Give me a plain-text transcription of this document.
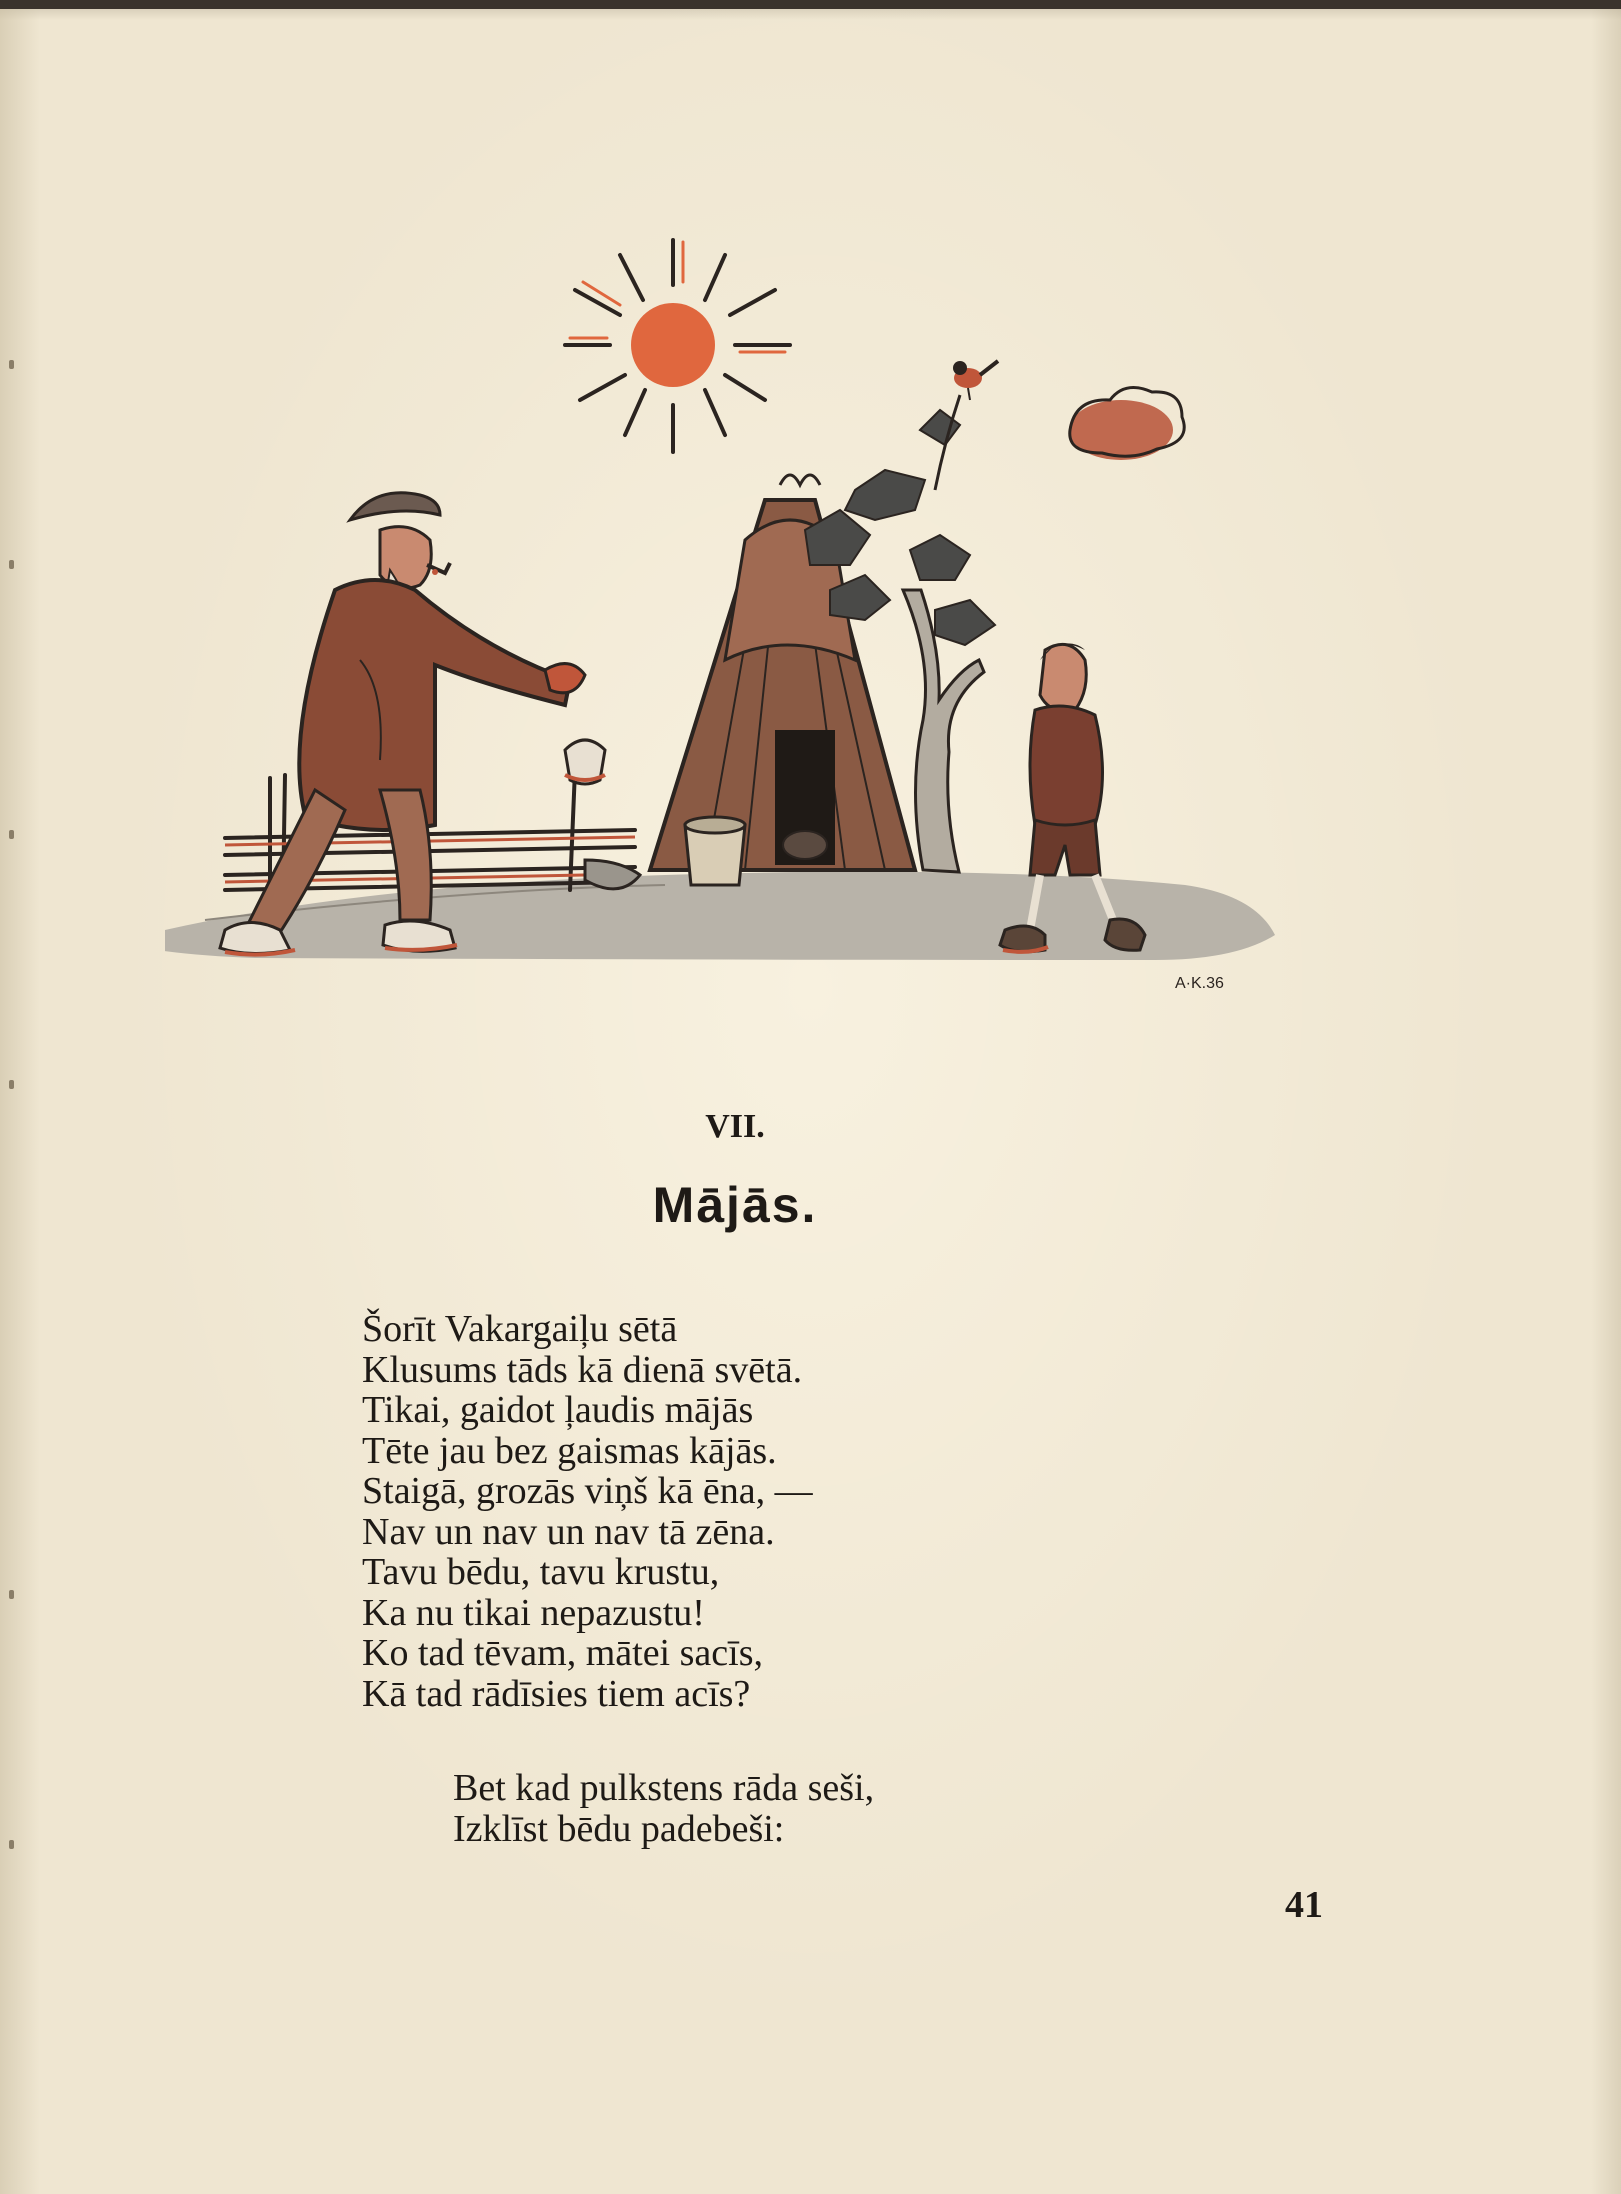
A·K.36
VII.
Mājās.
Šorīt Vakargaiļu sētā
Klusums tāds kā dienā svētā.
Tikai, gaidot ļaudis mājās
Tēte jau bez gaismas kājās.
Staigā, grozās viņš kā ēna, —
Nav un nav un nav tā zēna.
Tavu bēdu, tavu krustu,
Ka nu tikai nepazustu!
Ko tad tēvam, mātei sacīs,
Kā tad rādīsies tiem acīs?
Bet kad pulkstens rāda seši,
Izklīst bēdu padebeši:
41
